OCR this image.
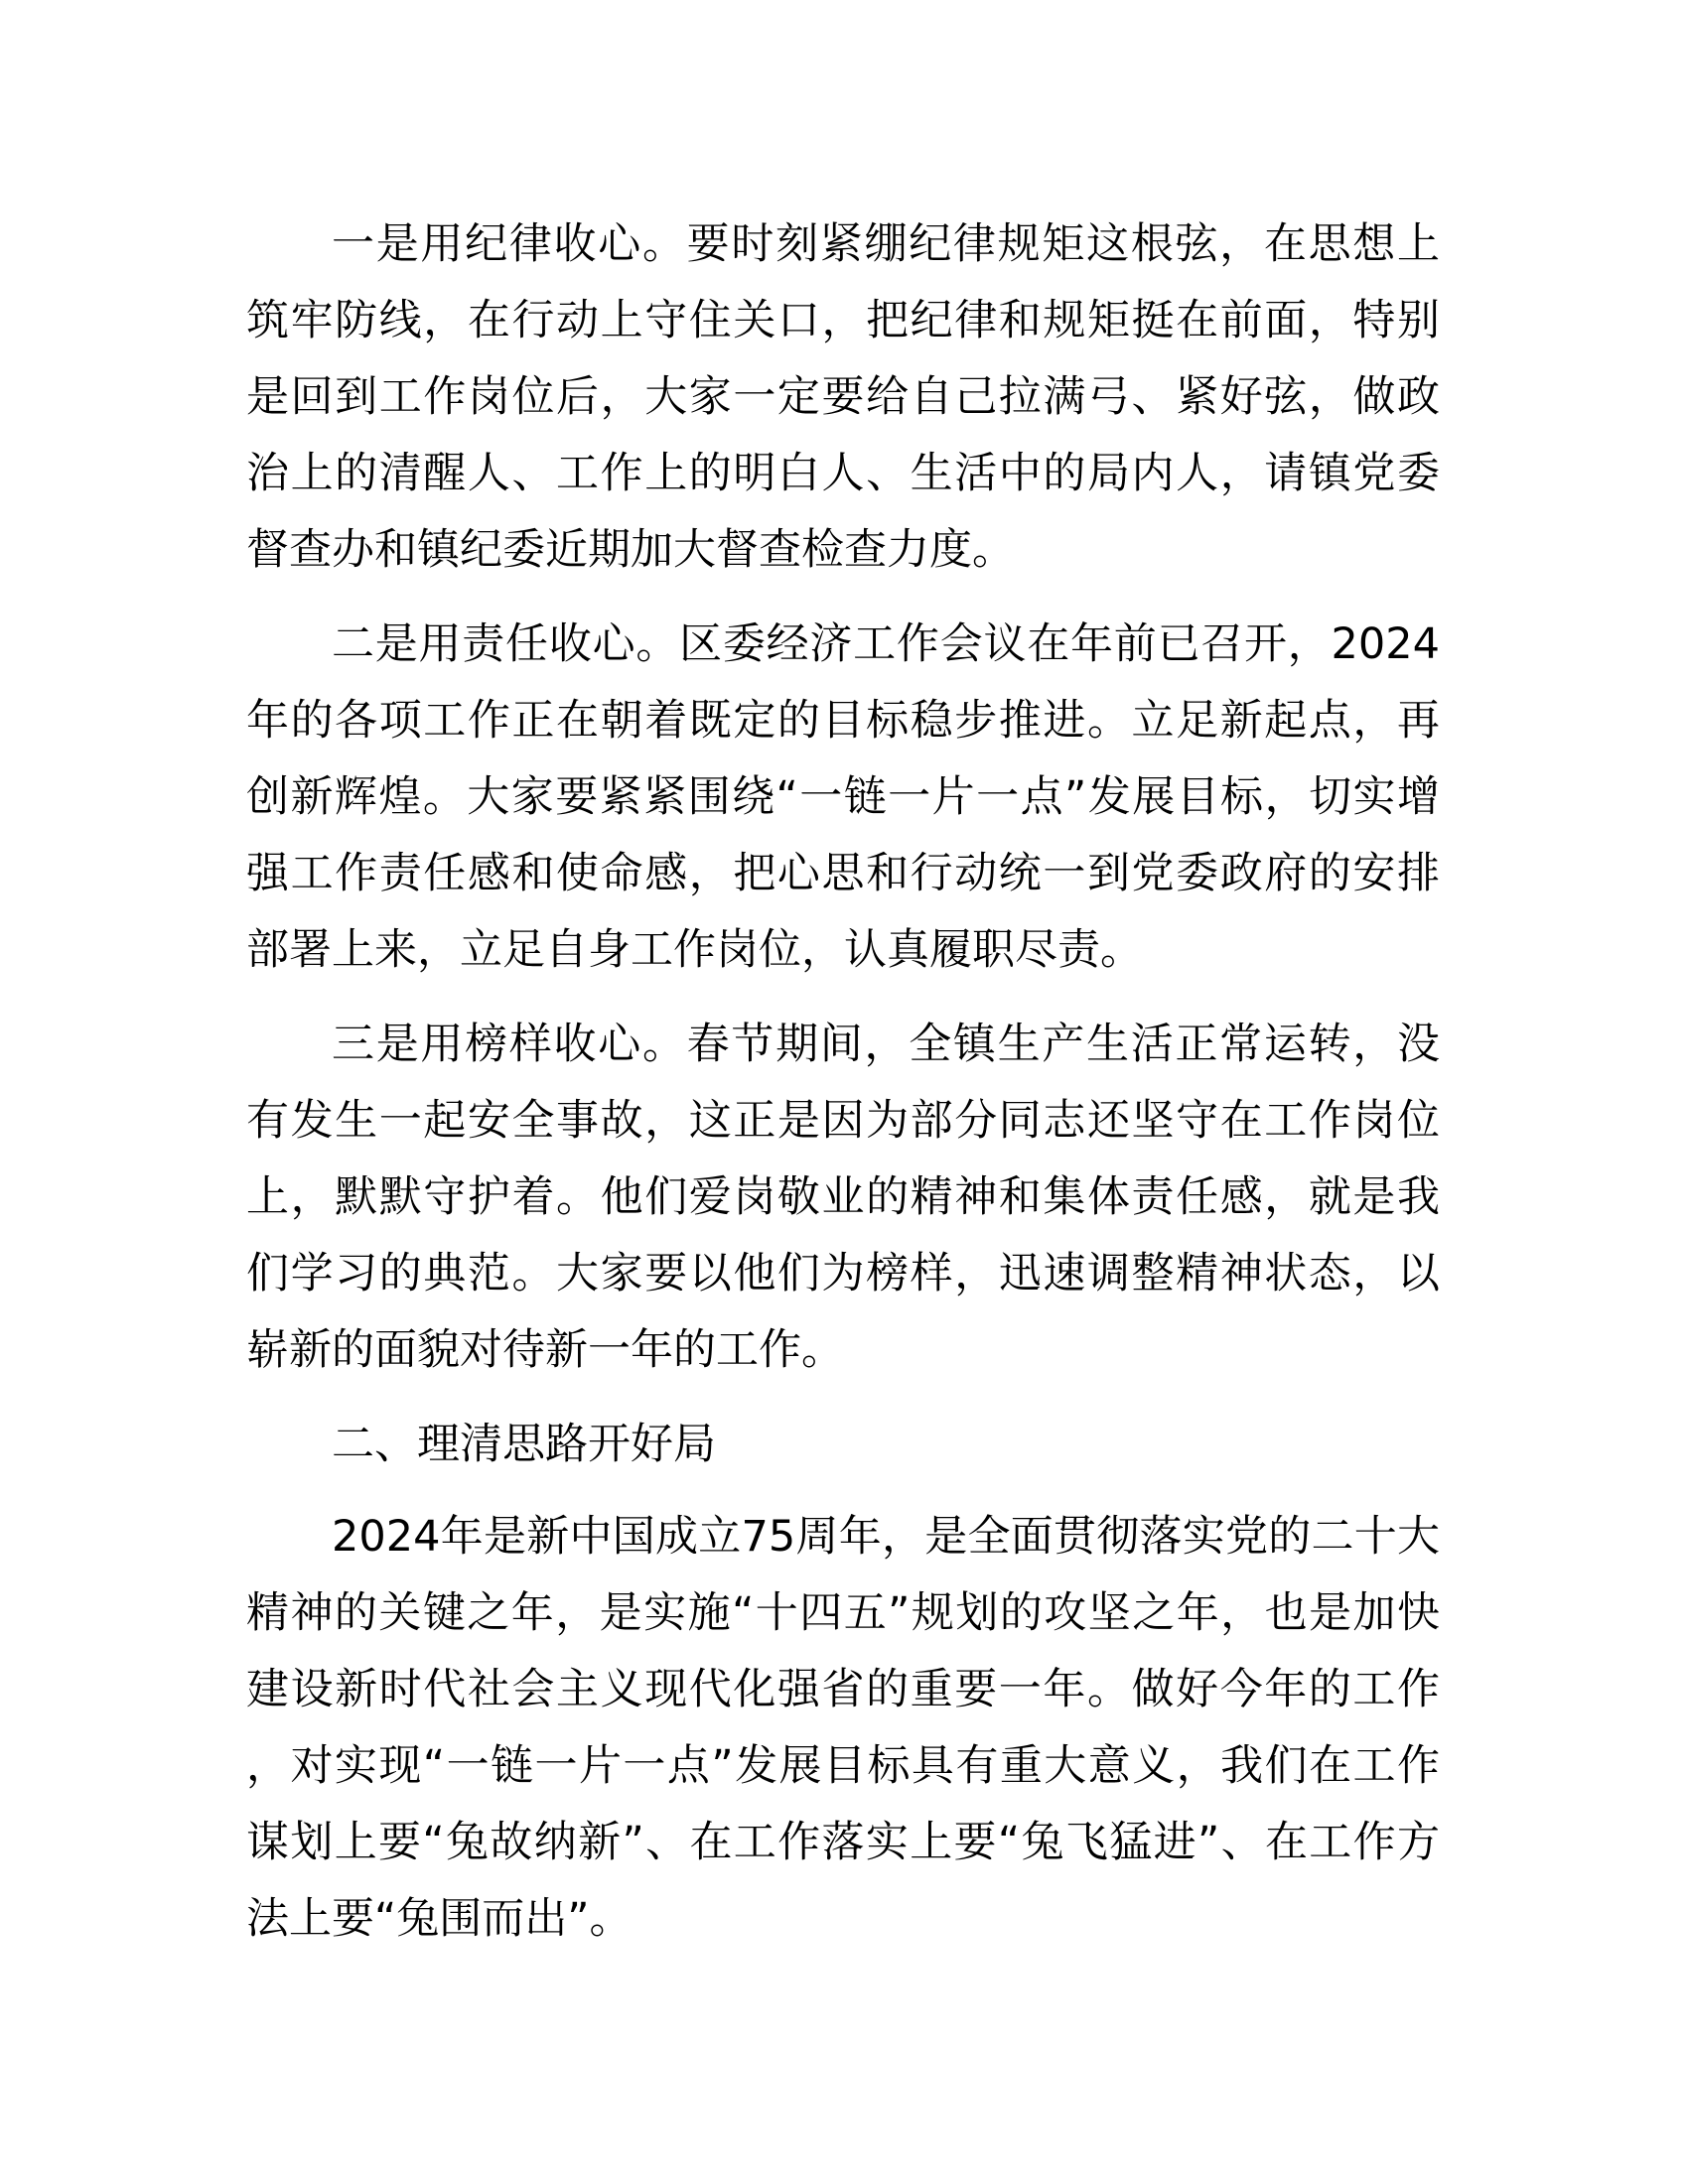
一是用纪律收心。要时刻紧绷纪律规矩这根弦，在思想上筑牢防线，在行动上守住关口，把纪律和规矩挺在前面，特别是回到工作岗位后，大家一定要给自己拉满弓、紧好弦，做政治上的清醒人、工作上的明白人、生活中的局内人，请镇党委督查办和镇纪委近期加大督查检查力度。

二是用责任收心。区委经济工作会议在年前已召开，2024年的各项工作正在朝着既定的目标稳步推进。立足新起点，再创新辉煌。大家要紧紧围绕“一链一片一点”发展目标，切实增强工作责任感和使命感，把心思和行动统一到党委政府的安排部署上来，立足自身工作岗位，认真履职尽责。

三是用榜样收心。春节期间，全镇生产生活正常运转，没有发生一起安全事故，这正是因为部分同志还坚守在工作岗位上，默默守护着。他们爱岗敬业的精神和集体责任感，就是我们学习的典范。大家要以他们为榜样，迅速调整精神状态，以崭新的面貌对待新一年的工作。

二、理清思路开好局

2024年是新中国成立75周年，是全面贯彻落实党的二十大精神的关键之年，是实施“十四五”规划的攻坚之年，也是加快建设新时代社会主义现代化强省的重要一年。做好今年的工作，对实现“一链一片一点”发展目标具有重大意义，我们在工作谋划上要“兔故纳新”、在工作落实上要“兔飞猛进”、在工作方法上要“兔围而出”。
